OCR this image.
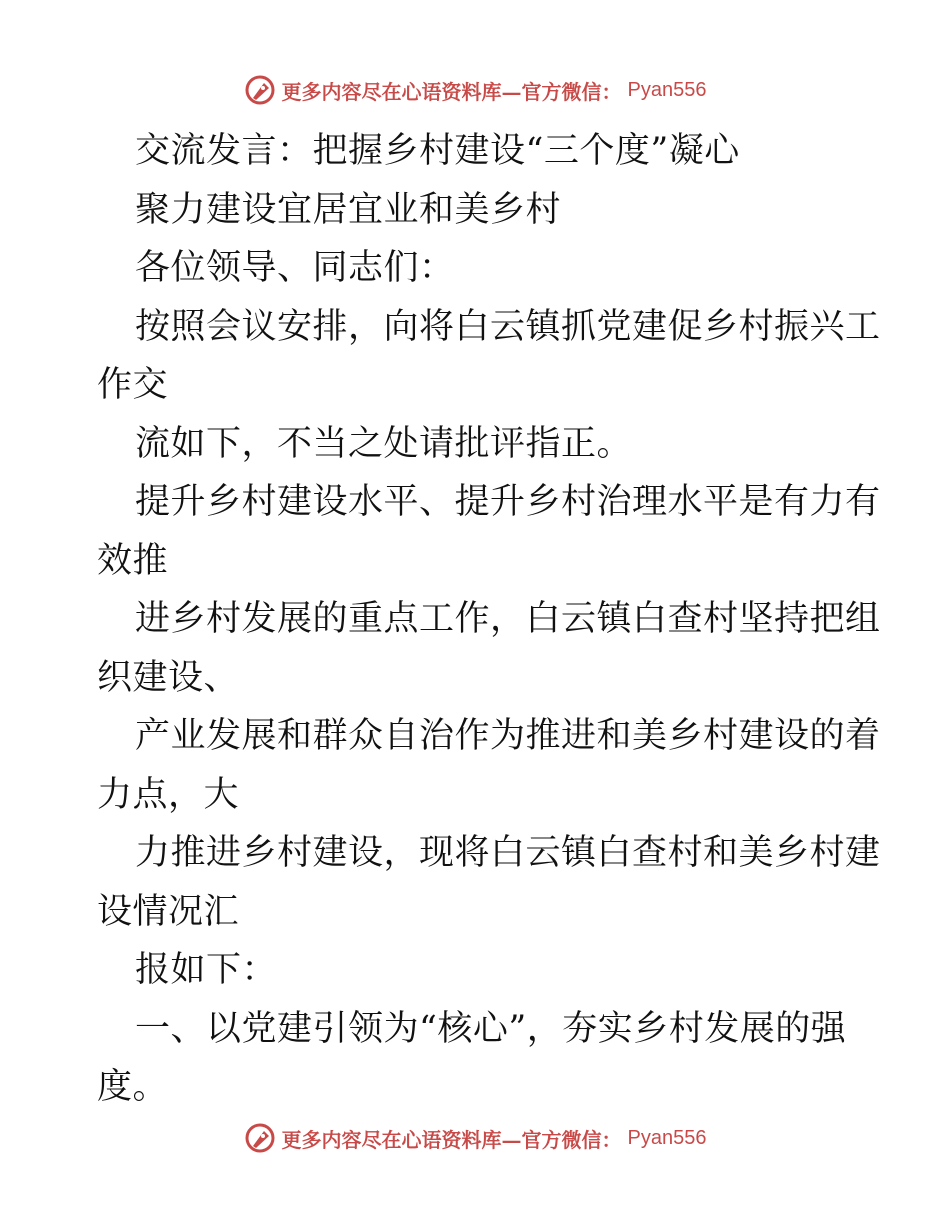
更多内容尽在心语资料库—官方微信： Pyan556
交流发言：把握乡村建设“三个度”凝心
聚力建设宜居宜业和美乡村
各位领导、同志们：
按照会议安排，向将白云镇抓党建促乡村振兴工
作交
流如下，不当之处请批评指正。
提升乡村建设水平、提升乡村治理水平是有力有
效推
进乡村发展的重点工作，白云镇白查村坚持把组
织建设、
产业发展和群众自治作为推进和美乡村建设的着
力点，大
力推进乡村建设，现将白云镇白查村和美乡村建
设情况汇
报如下：
一、以党建引领为“核心”，夯实乡村发展的强
度。
更多内容尽在心语资料库—官方微信： Pyan556
